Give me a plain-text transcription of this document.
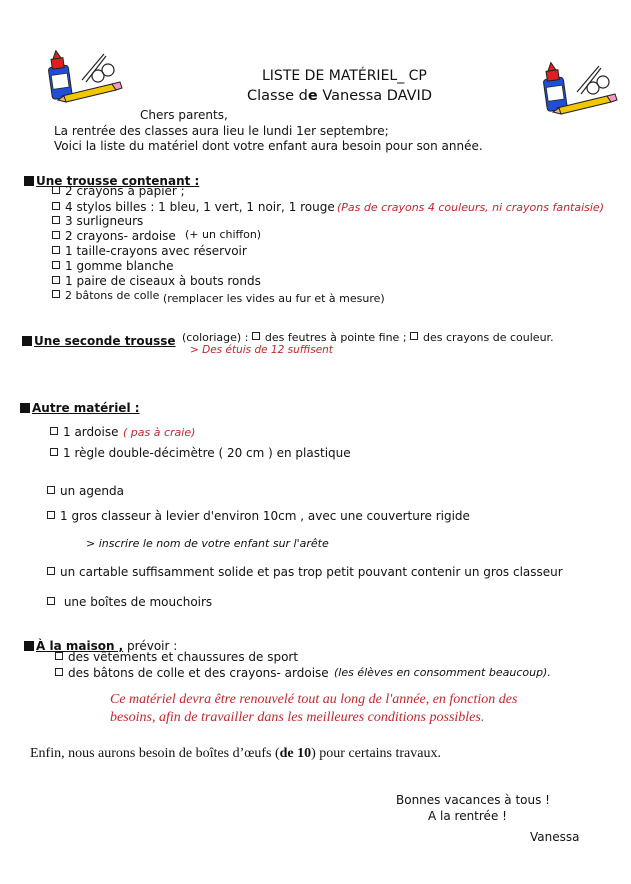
LISTE DE MATÉRIEL_ CP
Classe de Vanessa DAVID
Chers parents,
La rentrée des classes aura lieu le lundi 1er septembre;
Voici la liste du matériel dont votre enfant aura besoin pour son année.
Une trousse contenant :
2 crayons à papier ;
4 stylos billes : 1 bleu, 1 vert, 1 noir, 1 rouge (Pas de crayons 4 couleurs, ni crayons fantaisie)
3 surligneurs
2 crayons- ardoise (+ un chiffon)
1 taille-crayons avec réservoir
1 gomme blanche
1 paire de ciseaux à bouts ronds
2 bâtons de colle (remplacer les vides au fur et à mesure)
Une seconde trousse (coloriage) : des feutres à pointe fine ; des crayons de couleur.
> Des étuis de 12 suffisent
Autre matériel :
1 ardoise ( pas à craie)
1 règle double-décimètre ( 20 cm ) en plastique
un agenda
1 gros classeur à levier d'environ 10cm , avec une couverture rigide
> inscrire le nom de votre enfant sur l'arête
un cartable suffisamment solide et pas trop petit pouvant contenir un gros classeur
une boîtes de mouchoirs
À la maison , prévoir :
des vêtements et chaussures de sport
des bâtons de colle et des crayons- ardoise (les élèves en consomment beaucoup).
Ce matériel devra être renouvelé tout au long de l'année, en fonction des
besoins, afin de travailler dans les meilleures conditions possibles.
Enfin, nous aurons besoin de boîtes d’œufs (de 10) pour certains travaux.
Bonnes vacances à tous !
A la rentrée !
Vanessa
